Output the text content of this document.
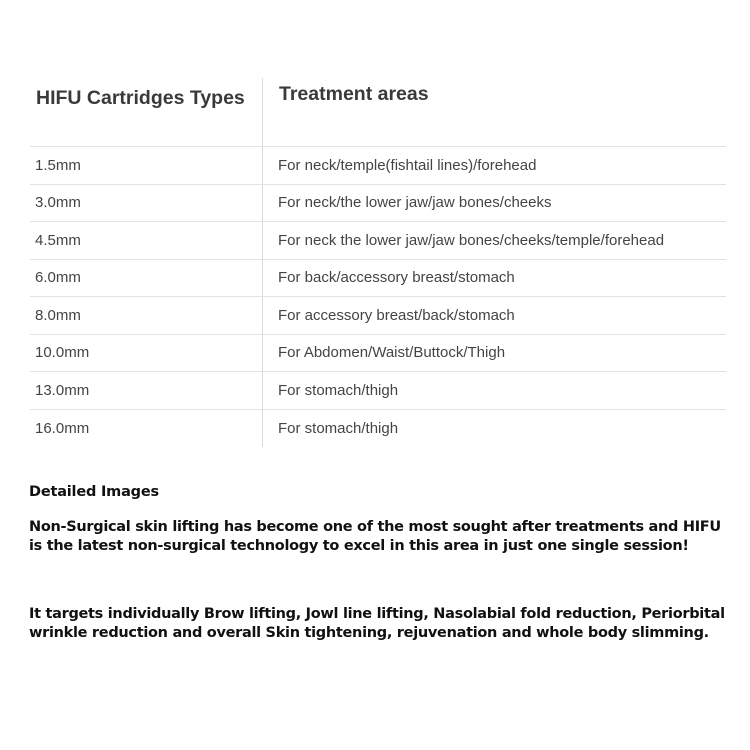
HIFU Cartridges Types	Treatment areas
1.5mm	For neck/temple(fishtail lines)/forehead
3.0mm	For neck/the lower jaw/jaw bones/cheeks
4.5mm	For neck the lower jaw/jaw bones/cheeks/temple/forehead
6.0mm	For back/accessory breast/stomach
8.0mm	For accessory breast/back/stomach
10.0mm	For Abdomen/Waist/Buttock/Thigh
13.0mm	For stomach/thigh
16.0mm	For stomach/thigh

Detailed Images

Non-Surgical skin lifting has become one of the most sought after treatments and HIFU is the latest non-surgical technology to excel in this area in just one single session!

It targets individually Brow lifting, Jowl line lifting, Nasolabial fold reduction, Periorbital wrinkle reduction and overall Skin tightening, rejuvenation and whole body slimming.
